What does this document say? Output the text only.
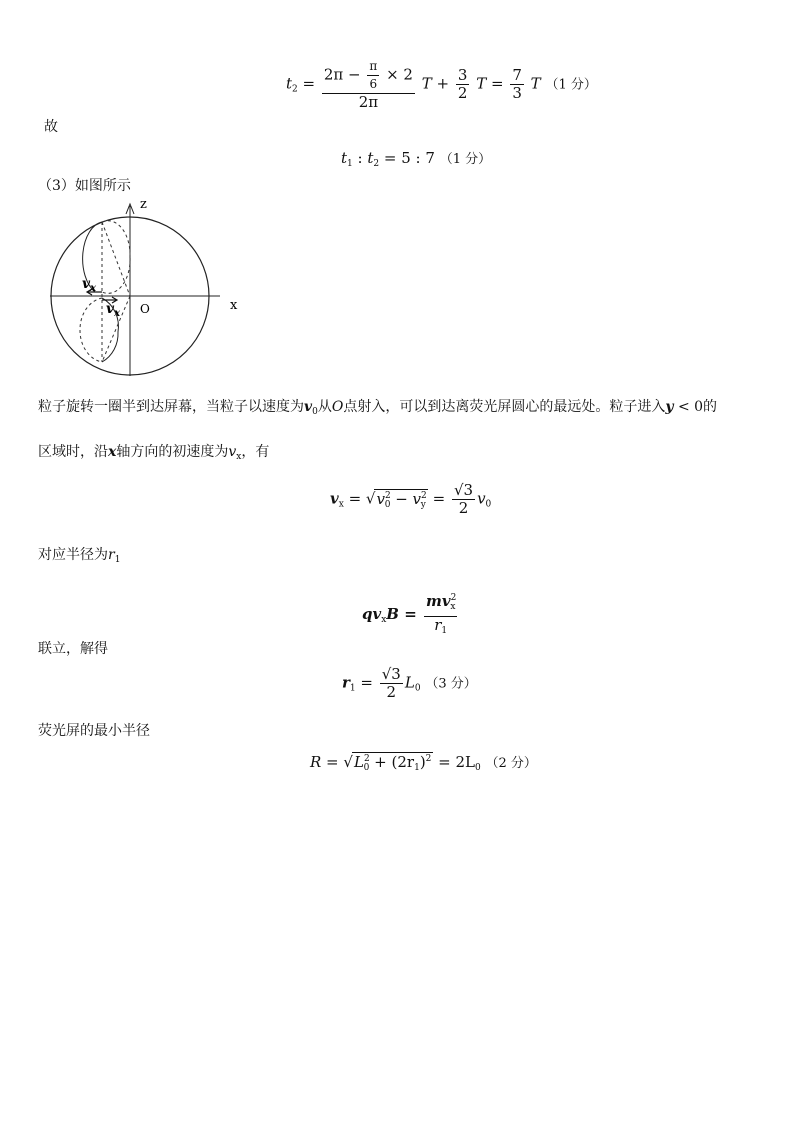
$t_2 = \frac{2\pi - \frac{\pi}{6} \times 2}{2\pi}$ $T + \frac{3}{2}$ $T = \frac{7}{3}$ T （1 分）
故
$t_1$ : $t_2 = 5$ : 7 （1 分）
（3）如图所示
z
x
O
$v_x$
$v_x$
粒子旋转一圈半到达屏幕，当粒子以速度为$v_0$从O点射入，可以到达离荧光屏圆心的最远处。粒子进入y < 0的
区域时，沿x轴方向的初速度为$v_x$，有
$v_x = √v^2_0 - v^2_y = \frac{√3}{2} v_0$
对应半径为$r_1$
$qv_xB = \frac{mv^2_x}{r_1}$
联立，解得
$r_1 = \frac{√3}{2} L_0$ （3 分）
荧光屏的最小半径
$R = √L^2_0 + (2r_1)^2 = 2L_0$ （2 分）
